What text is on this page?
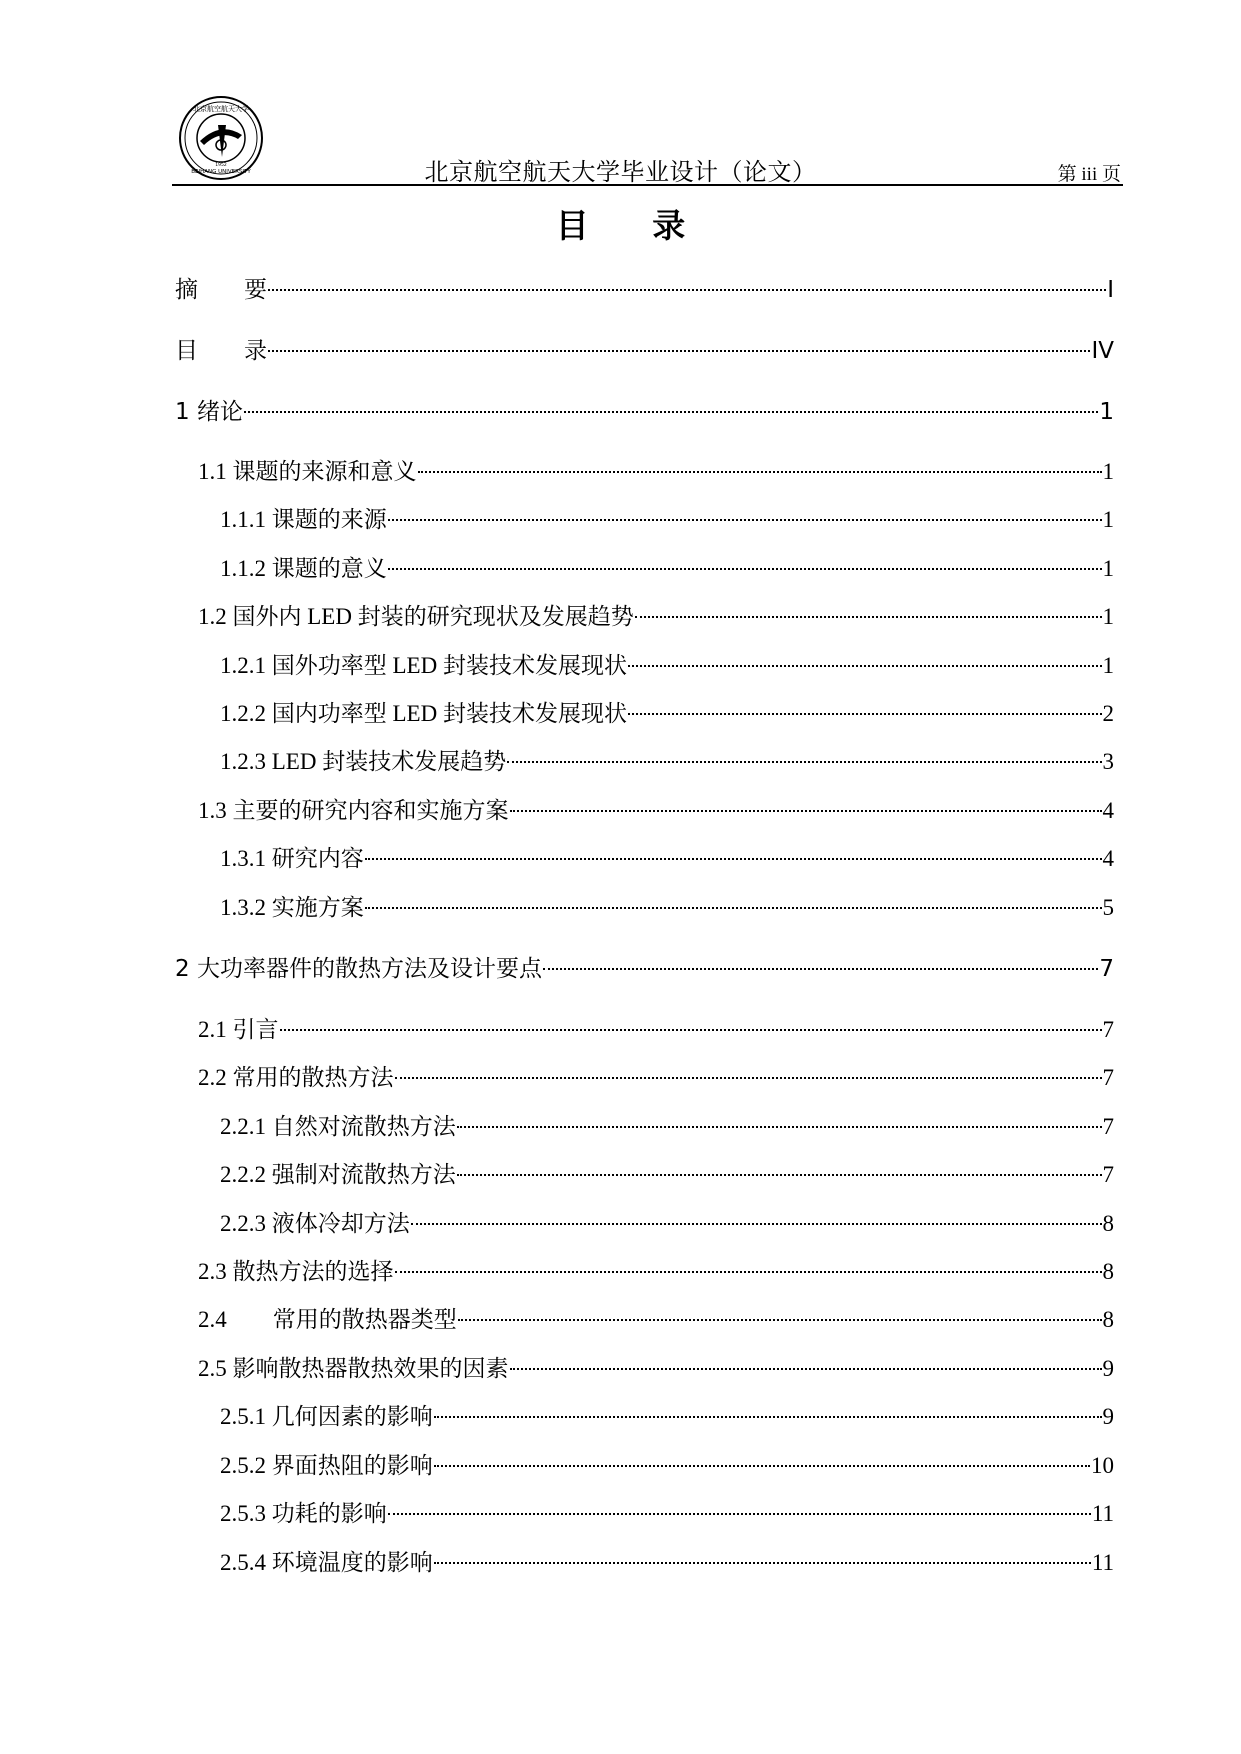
北京航空航天大学
BEIHANG UNIVERSITY
1952	北京航空航天大学毕业设计（论文）	第 iii 页
目 录
摘　　要	I
目　　录	IV
1 绪论	1
1.1 课题的来源和意义	1
1.1.1 课题的来源	1
1.1.2 课题的意义	1
1.2 国外内 LED 封装的研究现状及发展趋势	1
1.2.1 国外功率型 LED 封装技术发展现状	1
1.2.2 国内功率型 LED 封装技术发展现状	2
1.2.3 LED 封装技术发展趋势	3
1.3 主要的研究内容和实施方案	4
1.3.1 研究内容	4
1.3.2 实施方案	5
2 大功率器件的散热方法及设计要点	7
2.1 引言	7
2.2 常用的散热方法	7
2.2.1 自然对流散热方法	7
2.2.2 强制对流散热方法	7
2.2.3 液体冷却方法	8
2.3 散热方法的选择	8
2.4　　常用的散热器类型	8
2.5 影响散热器散热效果的因素	9
2.5.1 几何因素的影响	9
2.5.2 界面热阻的影响	10
2.5.3 功耗的影响	11
2.5.4 环境温度的影响	11
